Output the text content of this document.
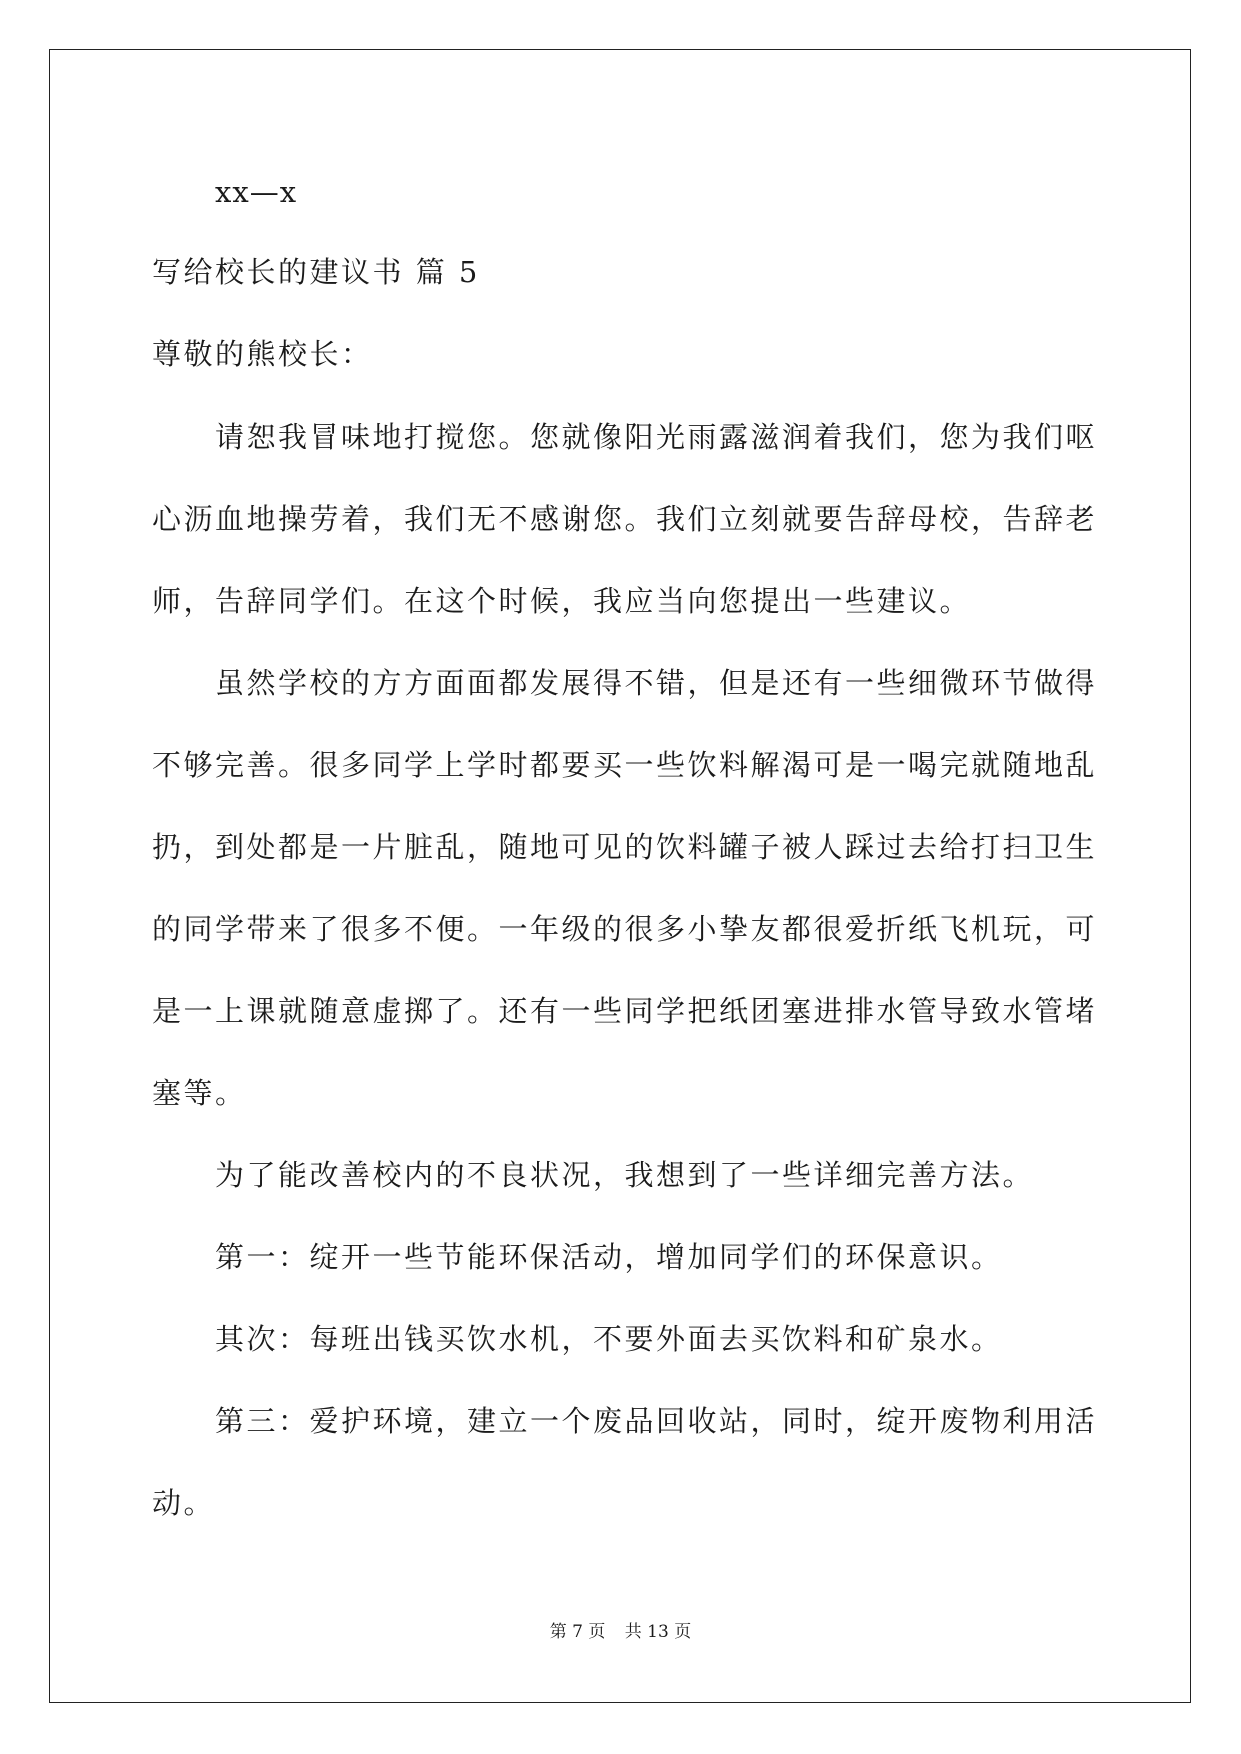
xx—x
写给校长的建议书 篇 5
尊敬的熊校长：
请恕我冒味地打搅您。您就像阳光雨露滋润着我们，您为我们呕
心沥血地操劳着，我们无不感谢您。我们立刻就要告辞母校，告辞老
师，告辞同学们。在这个时候，我应当向您提出一些建议。
虽然学校的方方面面都发展得不错，但是还有一些细微环节做得
不够完善。很多同学上学时都要买一些饮料解渴可是一喝完就随地乱
扔，到处都是一片脏乱，随地可见的饮料罐子被人踩过去给打扫卫生
的同学带来了很多不便。一年级的很多小挚友都很爱折纸飞机玩，可
是一上课就随意虚掷了。还有一些同学把纸团塞进排水管导致水管堵
塞等。
为了能改善校内的不良状况，我想到了一些详细完善方法。
第一：绽开一些节能环保活动，增加同学们的环保意识。
其次：每班出钱买饮水机，不要外面去买饮料和矿泉水。
第三：爱护环境，建立一个废品回收站，同时，绽开废物利用活
动。
第 7 页 共 13 页
